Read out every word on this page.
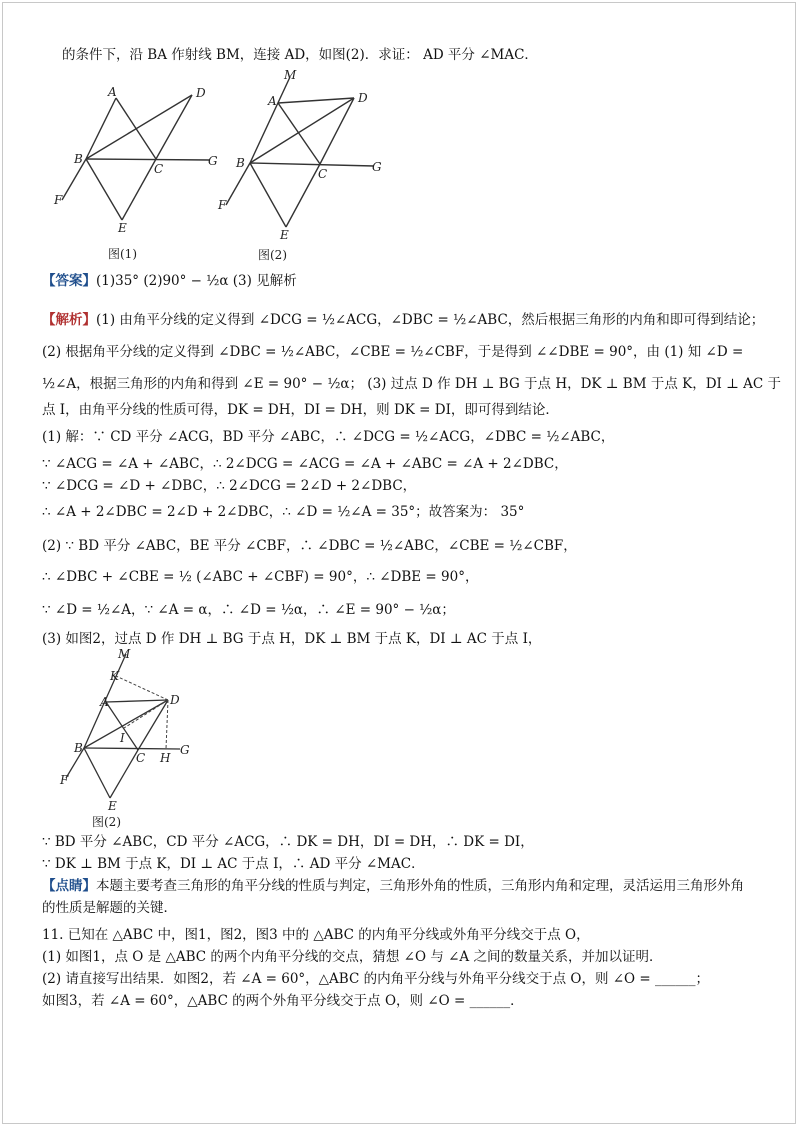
的条件下，沿 BA 作射线 BM，连接 AD，如图(2)．求证： AD 平分 ∠MAC．
A	D
B
C
G
F
E
图(1)
M
A	D
B
C	G
F
E
图(2)
【答案】(1)35° (2)90° − ½α (3) 见解析
【解析】(1) 由角平分线的定义得到 ∠DCG = ½∠ACG，∠DBC = ½∠ABC，然后根据三角形的内角和即可得到结论；
(2) 根据角平分线的定义得到 ∠DBC = ½∠ABC，∠CBE = ½∠CBF，于是得到 ∠∠DBE = 90°，由 (1) 知 ∠D =
½∠A，根据三角形的内角和得到 ∠E = 90° − ½α； (3) 过点 D 作 DH ⊥ BG 于点 H，DK ⊥ BM 于点 K，DI ⊥ AC 于
点 I，由角平分线的性质可得，DK = DH，DI = DH，则 DK = DI，即可得到结论．
(1) 解：∵ CD 平分 ∠ACG，BD 平分 ∠ABC，∴ ∠DCG = ½∠ACG，∠DBC = ½∠ABC，
∵ ∠ACG = ∠A + ∠ABC，∴ 2∠DCG = ∠ACG = ∠A + ∠ABC = ∠A + 2∠DBC，
∵ ∠DCG = ∠D + ∠DBC，∴ 2∠DCG = 2∠D + 2∠DBC，
∴ ∠A + 2∠DBC = 2∠D + 2∠DBC，∴ ∠D = ½∠A = 35°；故答案为： 35°
(2) ∵ BD 平分 ∠ABC，BE 平分 ∠CBF，∴ ∠DBC = ½∠ABC，∠CBE = ½∠CBF，
∴ ∠DBC + ∠CBE = ½ (∠ABC + ∠CBF) = 90°，∴ ∠DBE = 90°，
∵ ∠D = ½∠A，∵ ∠A = α，∴ ∠D = ½α，∴ ∠E = 90° − ½α；
(3) 如图2，过点 D 作 DH ⊥ BG 于点 H，DK ⊥ BM 于点 K，DI ⊥ AC 于点 I，
M
K
A	D
I
B
C H
G
F
E
图(2)
∵ BD 平分 ∠ABC，CD 平分 ∠ACG，∴ DK = DH，DI = DH，∴ DK = DI，
∵ DK ⊥ BM 于点 K，DI ⊥ AC 于点 I，∴ AD 平分 ∠MAC．
【点睛】本题主要考查三角形的角平分线的性质与判定，三角形外角的性质，三角形内角和定理，灵活运用三角形外角
的性质是解题的关键．
11. 已知在 △ABC 中，图1，图2，图3 中的 △ABC 的内角平分线或外角平分线交于点 O，
(1) 如图1，点 O 是 △ABC 的两个内角平分线的交点，猜想 ∠O 与 ∠A 之间的数量关系，并加以证明．
(2) 请直接写出结果．如图2，若 ∠A = 60°，△ABC 的内角平分线与外角平分线交于点 O，则 ∠O = ______；
如图3，若 ∠A = 60°，△ABC 的两个外角平分线交于点 O，则 ∠O = ______．
